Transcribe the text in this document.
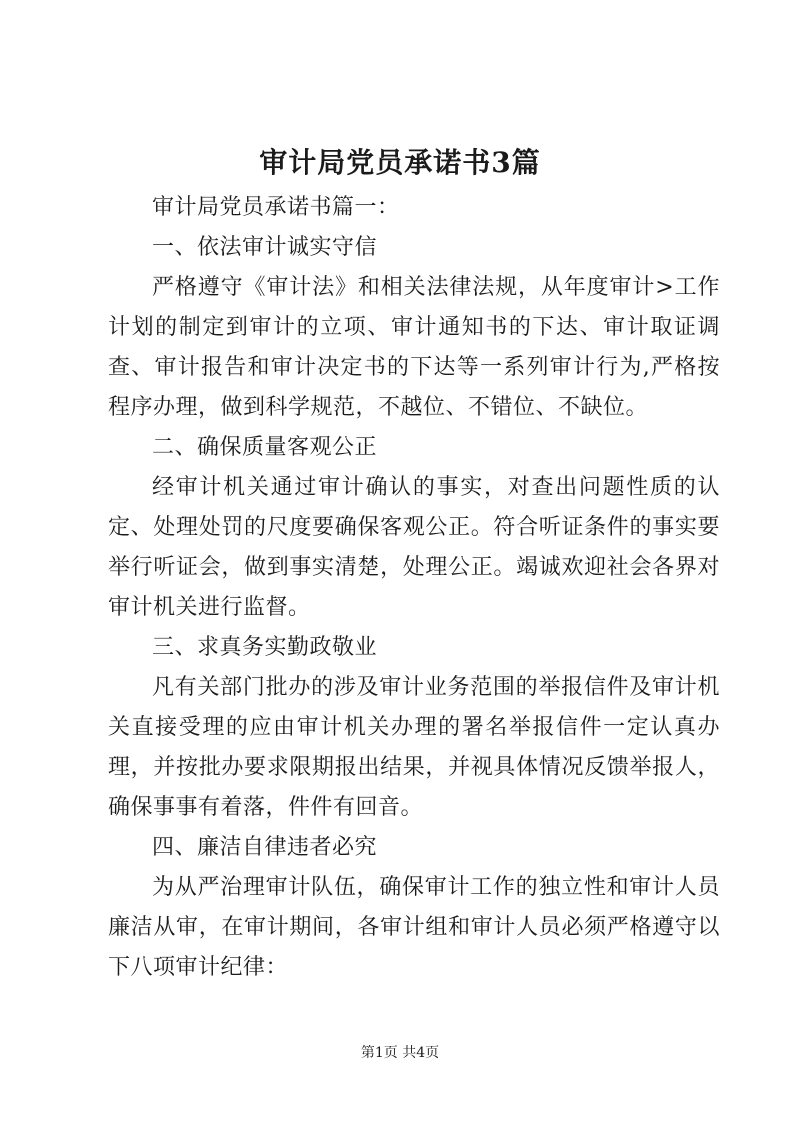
审计局党员承诺书3篇

审计局党员承诺书篇一：

一、依法审计诚实守信

严格遵守《审计法》和相关法律法规，从年度审计>工作计划的制定到审计的立项、审计通知书的下达、审计取证调查、审计报告和审计决定书的下达等一系列审计行为,严格按程序办理，做到科学规范，不越位、不错位、不缺位。

二、确保质量客观公正

经审计机关通过审计确认的事实，对查出问题性质的认定、处理处罚的尺度要确保客观公正。符合听证条件的事实要举行听证会，做到事实清楚，处理公正。竭诚欢迎社会各界对审计机关进行监督。

三、求真务实勤政敬业

凡有关部门批办的涉及审计业务范围的举报信件及审计机关直接受理的应由审计机关办理的署名举报信件一定认真办理，并按批办要求限期报出结果，并视具体情况反馈举报人，确保事事有着落，件件有回音。

四、廉洁自律违者必究

为从严治理审计队伍，确保审计工作的独立性和审计人员廉洁从审，在审计期间，各审计组和审计人员必须严格遵守以下八项审计纪律：

第1页 共4页
